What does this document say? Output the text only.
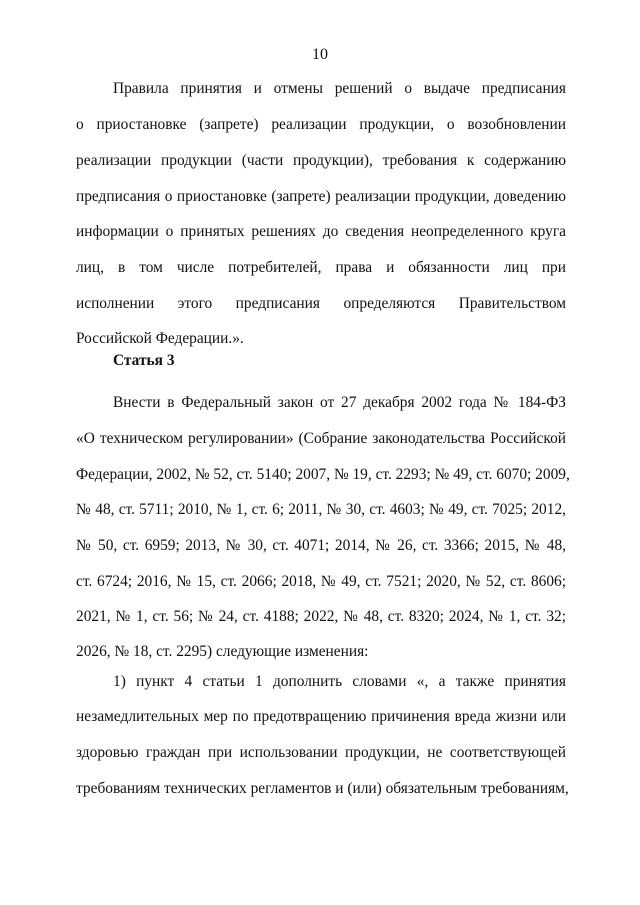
10
Правила принятия и отмены решений о выдаче предписания
о приостановке (запрете) реализации продукции, о возобновлении
реализации продукции (части продукции), требования к содержанию
предписания о приостановке (запрете) реализации продукции, доведению
информации о принятых решениях до сведения неопределенного круга
лиц, в том числе потребителей, права и обязанности лиц при
исполнении этого предписания определяются Правительством
Российской Федерации.».
Статья 3
Внести в Федеральный закон от 27 декабря 2002 года № 184-ФЗ
«О техническом регулировании» (Собрание законодательства Российской
Федерации, 2002, № 52, ст. 5140; 2007, № 19, ст. 2293; № 49, ст. 6070; 2009,
№ 48, ст. 5711; 2010, № 1, ст. 6; 2011, № 30, ст. 4603; № 49, ст. 7025; 2012,
№ 50, ст. 6959; 2013, № 30, ст. 4071; 2014, № 26, ст. 3366; 2015, № 48,
ст. 6724; 2016, № 15, ст. 2066; 2018, № 49, ст. 7521; 2020, № 52, ст. 8606;
2021, № 1, ст. 56; № 24, ст. 4188; 2022, № 48, ст. 8320; 2024, № 1, ст. 32;
2026, № 18, ст. 2295) следующие изменения:
1) пункт 4 статьи 1 дополнить словами «, а также принятия
незамедлительных мер по предотвращению причинения вреда жизни или
здоровью граждан при использовании продукции, не соответствующей
требованиям технических регламентов и (или) обязательным требованиям,
